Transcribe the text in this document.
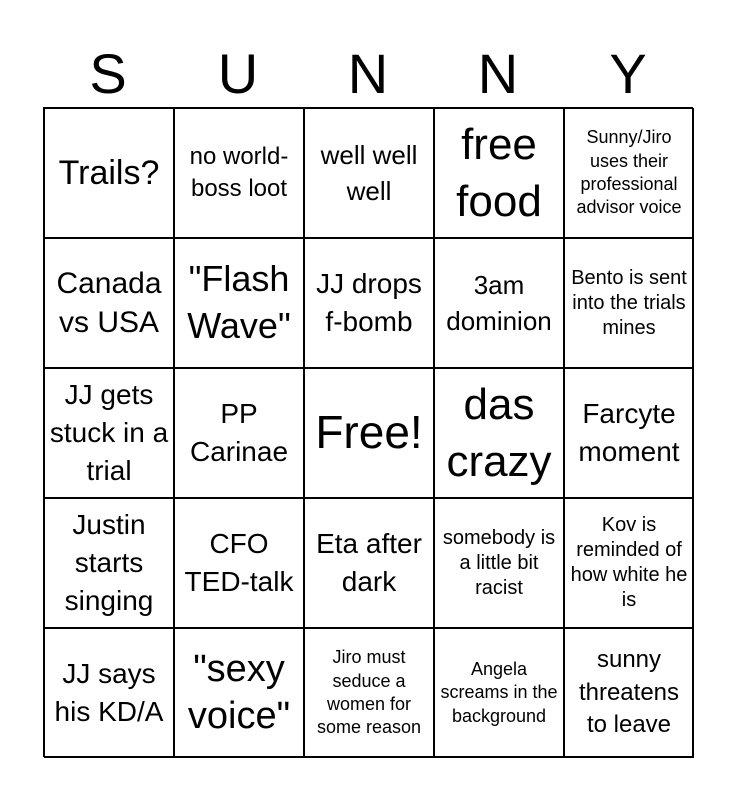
S	U	N	N	Y
Trails?	no world-boss loot
well well well
free food
Sunny/Jiro uses their professional advisor voice
Canada vs USA
"Flash Wave"
JJ drops f-bomb
3am dominion
Bento is sent into the trials mines
JJ gets stuck in a trial
PP Carinae Free!
das crazy
Farcyte moment
Justin starts singing
CFO TED-talk
Eta after dark
somebody is a little bit racist
Kov is reminded of how white he is
JJ says his KD/A
"sexy voice"
Jiro must seduce a women for some reason
Angela screams in the background
sunny threatens to leave
